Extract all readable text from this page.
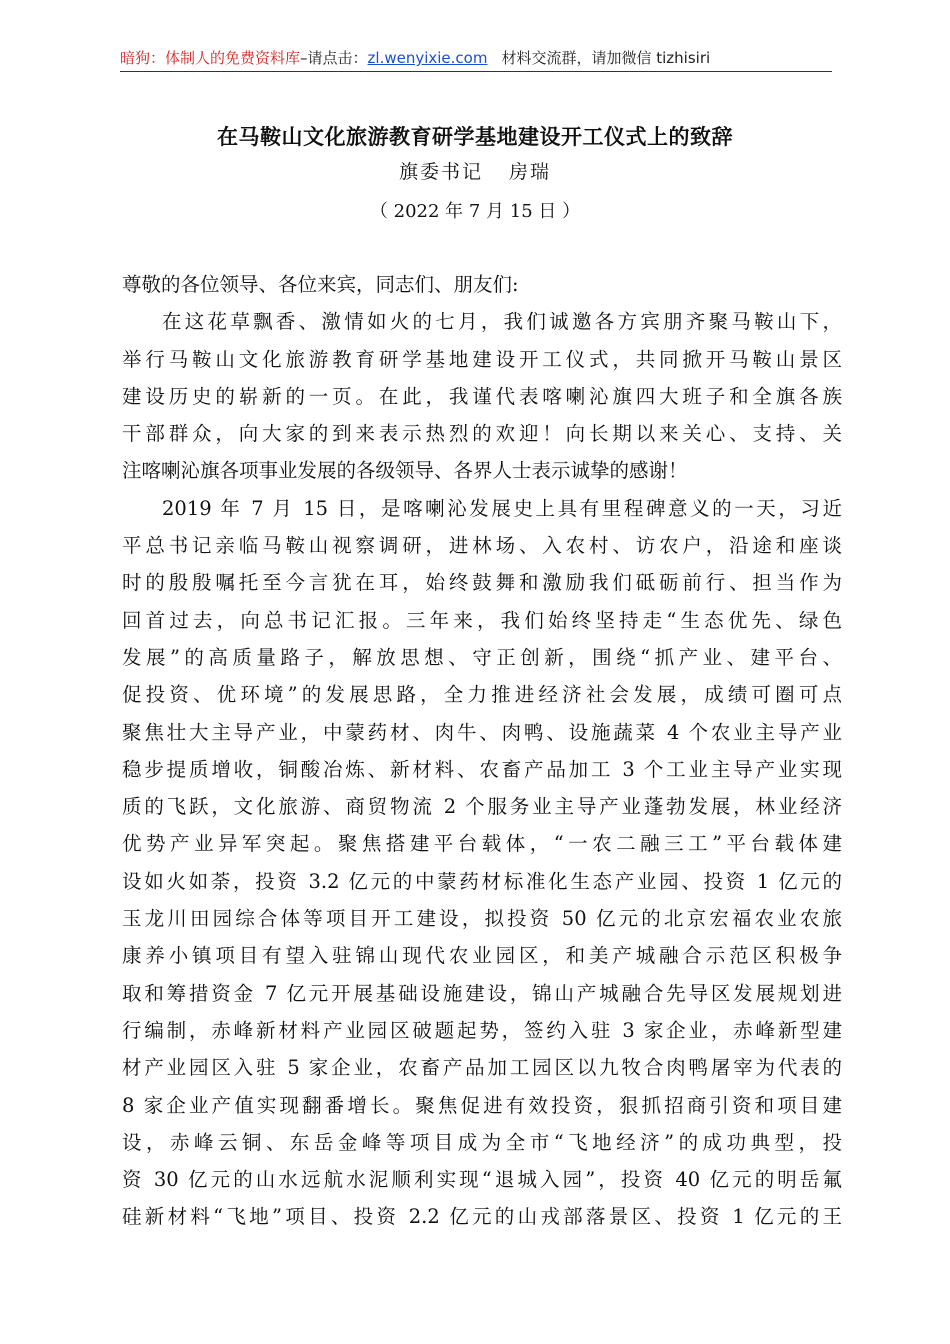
暗狗：体制人的免费资料库–请点击：zl.wenyixie.com 材料交流群，请加微信 tizhisiri
在马鞍山文化旅游教育研学基地建设开工仪式上的致辞
旗委书记 房瑞
（ 2022 年 7 月 15 日 ）
尊敬的各位领导、各位来宾，同志们、朋友们:
在这花草飘香、激情如火的七月，我们诚邀各方宾朋齐聚马鞍山下，
举行马鞍山文化旅游教育研学基地建设开工仪式，共同掀开马鞍山景区
建设历史的崭新的一页。在此，我谨代表喀喇沁旗四大班子和全旗各族
干部群众，向大家的到来表示热烈的欢迎！向长期以来关心、支持、关
注喀喇沁旗各项事业发展的各级领导、各界人士表示诚挚的感谢！
2019 年 7 月 15 日，是喀喇沁发展史上具有里程碑意义的一天，习近
平总书记亲临马鞍山视察调研，进林场、入农村、访农户，沿途和座谈
时的殷殷嘱托至今言犹在耳，始终鼓舞和激励我们砥砺前行、担当作为
回首过去，向总书记汇报。三年来，我们始终坚持走“生态优先、绿色
发展”的高质量路子，解放思想、守正创新，围绕“抓产业、建平台、
促投资、优环境”的发展思路，全力推进经济社会发展，成绩可圈可点
聚焦壮大主导产业，中蒙药材、肉牛、肉鸭、设施蔬菜 4 个农业主导产业
稳步提质增收，铜酸冶炼、新材料、农畜产品加工 3 个工业主导产业实现
质的飞跃，文化旅游、商贸物流 2 个服务业主导产业蓬勃发展，林业经济
优势产业异军突起。聚焦搭建平台载体，“一农二融三工”平台载体建
设如火如荼，投资 3.2 亿元的中蒙药材标准化生态产业园、投资 1 亿元的
玉龙川田园综合体等项目开工建设，拟投资 50 亿元的北京宏福农业农旅
康养小镇项目有望入驻锦山现代农业园区，和美产城融合示范区积极争
取和筹措资金 7 亿元开展基础设施建设，锦山产城融合先导区发展规划进
行编制，赤峰新材料产业园区破题起势，签约入驻 3 家企业，赤峰新型建
材产业园区入驻 5 家企业，农畜产品加工园区以九牧合肉鸭屠宰为代表的
8 家企业产值实现翻番增长。聚焦促进有效投资，狠抓招商引资和项目建
设，赤峰云铜、东岳金峰等项目成为全市“飞地经济”的成功典型，投
资 30 亿元的山水远航水泥顺利实现“退城入园”，投资 40 亿元的明岳氟
硅新材料“飞地”项目、投资 2.2 亿元的山戎部落景区、投资 1 亿元的王
